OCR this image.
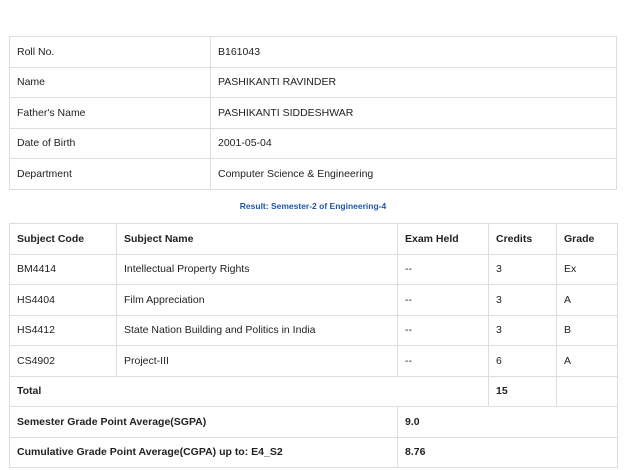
Roll No.	B161043
Name	PASHIKANTI RAVINDER
Father's Name	PASHIKANTI SIDDESHWAR
Date of Birth	2001-05-04
Department	Computer Science & Engineering
Result: Semester-2 of Engineering-4
Subject Code	Subject Name	Exam Held	Credits	Grade
BM4414	Intellectual Property Rights	--	3	Ex
HS4404	Film Appreciation	--	3	A
HS4412	State Nation Building and Politics in India	--	3	B
CS4902	Project-III	--	6	A
Total			15	
Semester Grade Point Average(SGPA)		9.0		
Cumulative Grade Point Average(CGPA) up to: E4_S2		8.76		
